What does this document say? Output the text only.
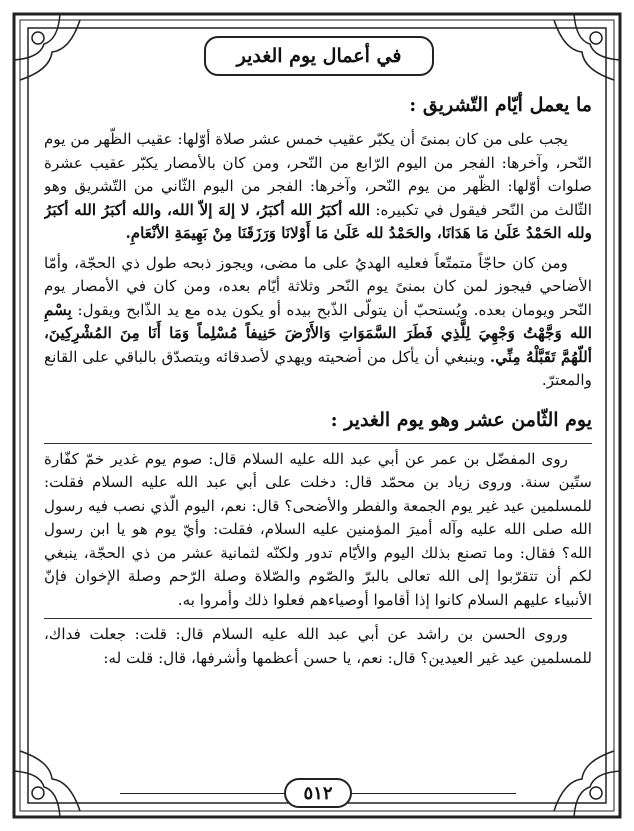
في أعمال يوم الغدير
ما يعمل أيّام التّشريق :

يجب على من كان بمنىً أن يكبّر عقيب خمس عشر صلاة أوّلها: عقيب الظّهر من يوم النّحر، وآخرها: الفجر من اليوم الرّابع من النّحر، ومن كان بالأمصار يكبّر عقيب عشرة صلوات أوّلها: الظّهر من يوم النّحر، وآخرها: الفجر من اليوم الثّاني من التّشريق وهو الثّالث من النّحر فيقول في تكبيره: الله أكبَرُ الله أكبَرُ، لا إلهَ إلاّ الله، والله أكبَرُ الله أكبَرُ ولله الحَمْدُ عَلَىٰ مَا هَدَانَا، والحَمْدُ لله عَلَىٰ مَا أَوْلانَا وَرَزَقَنَا مِنْ بَهِيمَةِ الأنْعَامِ.

ومن كان حاجّاً متمتّعاً فعليه الهديُ على ما مضى، ويجوز ذبحه طول ذي الحجّة، وأمّا الأضاحي فيجوز لمن كان بمنىً يوم النّحر وثلاثة أيّام بعده، ومن كان في الأمصار يوم النّحر ويومان بعده. ويُستحبّ أن يتولّى الذّبح بيده أو يكون يده مع يد الذّابح ويقول: بِسْمِ الله وَجَّهْتُ وَجْهِيَ لِلَّذِي فَطَرَ السَّمَوَاتِ وَالأَرْضَ حَنِيفاً مُسْلِماً وَمَا أَنَا مِنَ المُشْرِكِينَ، أللّهُمَّ تَقَبَّلْهُ مِنِّي. وينبغي أن يأكل من أضحيته ويهدي لأصدقائه ويتصدّق بالباقي على القانع والمعترّ.

يوم الثّامن عشر وهو يوم الغدير :

روى المفضّل بن عمر عن أبي عبد الله عليه السلام قال: صوم يوم غدير خمّ كفّارة ستّين سنة. وروى زياد بن محمّد قال: دخلت على أبي عبد الله عليه السلام فقلت: للمسلمين عيد غير يوم الجمعة والفطر والأضحى؟ قال: نعم، اليوم الّذي نصب فيه رسول الله صلى الله عليه وآله أميرَ المؤمنين عليه السلام، فقلت: وأيّ يوم هو يا ابن رسول الله؟ فقال: وما تصنع بذلك اليوم والأيّام تدور ولكنّه لثمانية عشر من ذي الحجّة، ينبغي لكم أن تتقرّبوا إلى الله تعالى بالبرّ والصّوم والصّلاة وصلة الرّحم وصلة الإخوان فإنّ الأنبياء عليهم السلام كانوا إذا أقاموا أوصياءهم فعلوا ذلك وأمروا به.

وروى الحسن بن راشد عن أبي عبد الله عليه السلام قال: قلت: جعلت فداك، للمسلمين عيد غير العيدين؟ قال: نعم، يا حسن أعظمها وأشرفها، قال: قلت له:

٥١٢
